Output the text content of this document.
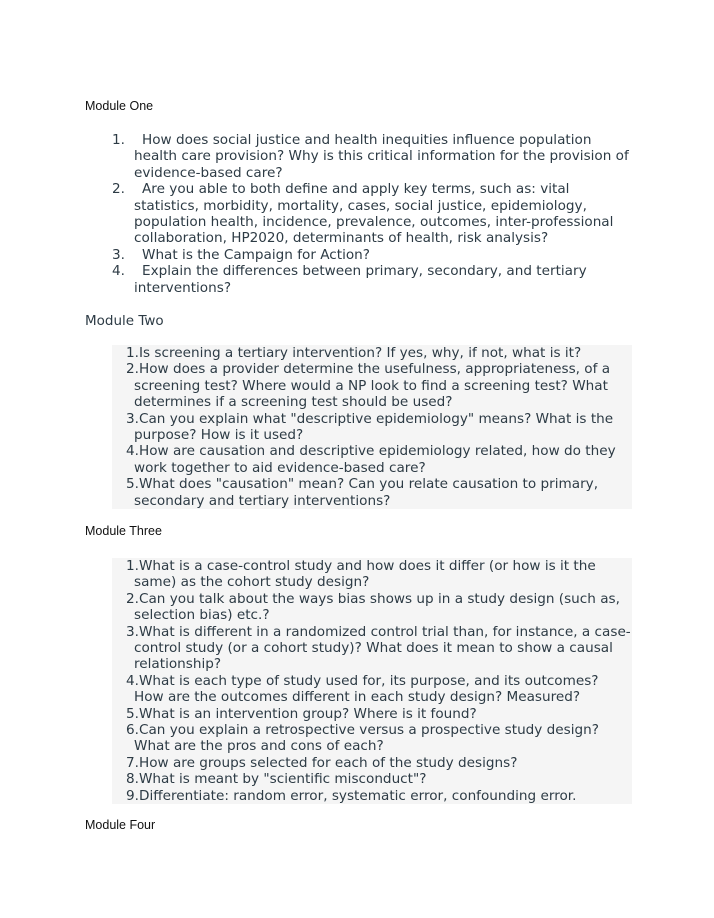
Module One
1. How does social justice and health inequities influence population health care provision? Why is this critical information for the provision of evidence-based care?
2. Are you able to both define and apply key terms, such as: vital statistics, morbidity, mortality, cases, social justice, epidemiology, population health, incidence, prevalence, outcomes, inter-professional collaboration, HP2020, determinants of health, risk analysis?
3. What is the Campaign for Action?
4. Explain the differences between primary, secondary, and tertiary interventions?
Module Two
1.Is screening a tertiary intervention? If yes, why, if not, what is it?
2.How does a provider determine the usefulness, appropriateness, of a screening test? Where would a NP look to find a screening test? What determines if a screening test should be used?
3.Can you explain what "descriptive epidemiology" means? What is the purpose? How is it used?
4.How are causation and descriptive epidemiology related, how do they work together to aid evidence-based care?
5.What does "causation" mean? Can you relate causation to primary, secondary and tertiary interventions?
Module Three
1.What is a case-control study and how does it differ (or how is it the same) as the cohort study design?
2.Can you talk about the ways bias shows up in a study design (such as, selection bias) etc.?
3.What is different in a randomized control trial than, for instance, a case-control study (or a cohort study)? What does it mean to show a causal relationship?
4.What is each type of study used for, its purpose, and its outcomes? How are the outcomes different in each study design? Measured?
5.What is an intervention group? Where is it found?
6.Can you explain a retrospective versus a prospective study design? What are the pros and cons of each?
7.How are groups selected for each of the study designs?
8.What is meant by "scientific misconduct"?
9.Differentiate: random error, systematic error, confounding error.
Module Four
